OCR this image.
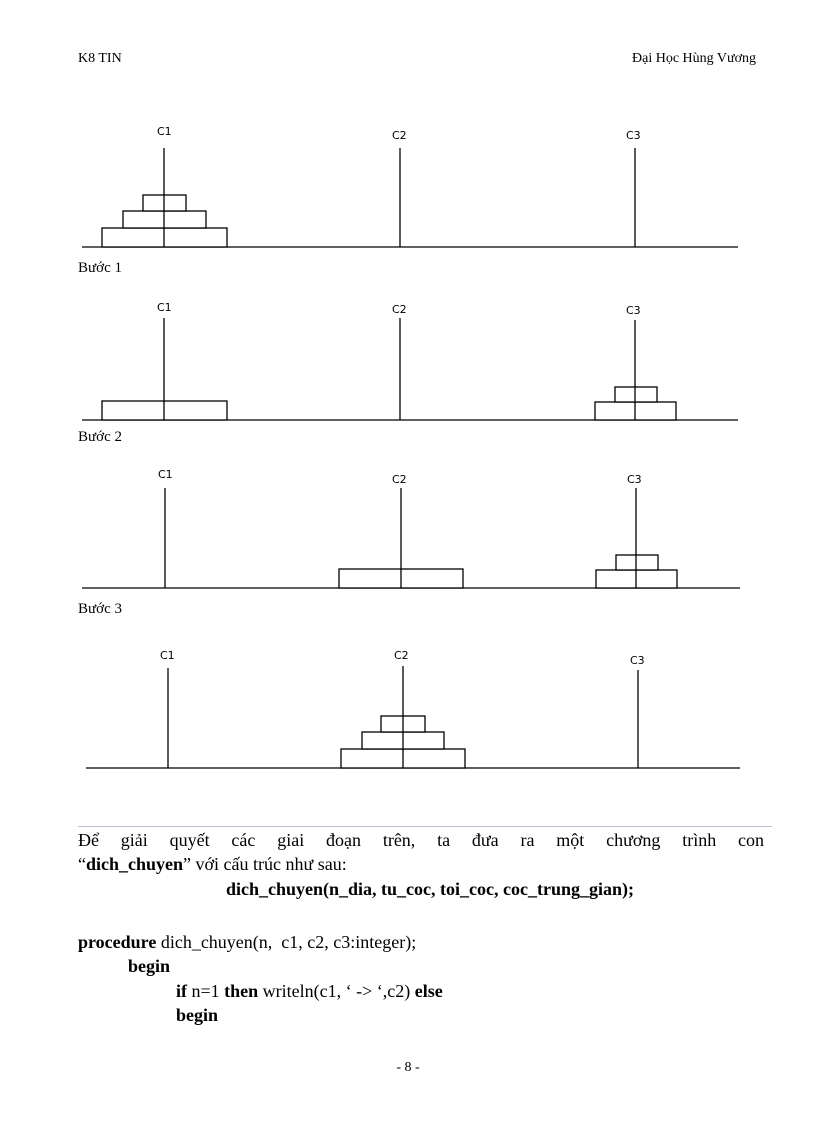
K8 TIN	Đại Học Hùng Vương
C1	C2	C3
C1	C2	C3
C1	C2	C3
C1	C2	C3
Bước 1
Bước 2
Bước 3
Để giải quyết các giai đoạn trên, ta đưa ra một chương trình con
“dich_chuyen” với cấu trúc như sau:
dich_chuyen(n_dia, tu_coc, toi_coc, coc_trung_gian);
procedure dich_chuyen(n,  c1, c2, c3:integer);
begin
if n=1 then writeln(c1, ‘ -> ‘,c2) else
begin
- 8 -
